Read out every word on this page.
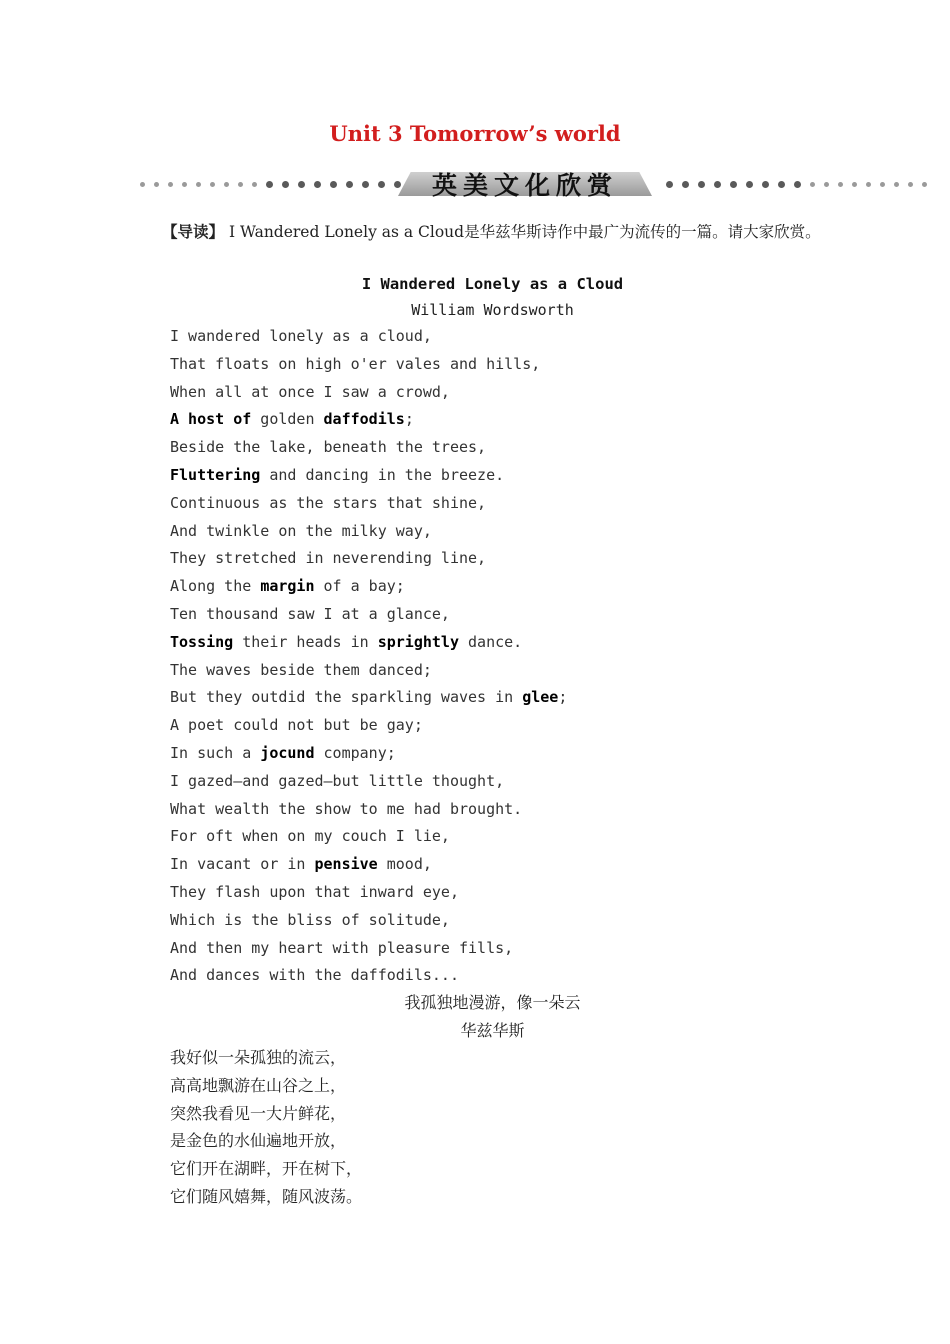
Unit 3 Tomorrow’s world
英美文化欣赏
【导读】 I Wandered Lonely as a Cloud是华兹华斯诗作中最广为流传的一篇。请大家欣赏。
I Wandered Lonely as a Cloud
William Wordsworth
I wandered lonely as a cloud,
That floats on high o'er vales and hills,
When all at once I saw a crowd,
A host of golden daffodils;
Beside the lake, beneath the trees,
Fluttering and dancing in the breeze.
Continuous as the stars that shine,
And twinkle on the milky way,
They stretched in neverending line,
Along the margin of a bay;
Ten thousand saw I at a glance,
Tossing their heads in sprightly dance.
The waves beside them danced;
But they outdid the sparkling waves in glee;
A poet could not but be gay;
In such a jocund company;
I gazed—and gazed—but little thought,
What wealth the show to me had brought.
For oft when on my couch I lie,
In vacant or in pensive mood,
They flash upon that inward eye,
Which is the bliss of solitude,
And then my heart with pleasure fills,
And dances with the daffodils...
我孤独地漫游，像一朵云
华兹华斯
我好似一朵孤独的流云，
高高地飘游在山谷之上，
突然我看见一大片鲜花，
是金色的水仙遍地开放，
它们开在湖畔，开在树下，
它们随风嬉舞，随风波荡。
